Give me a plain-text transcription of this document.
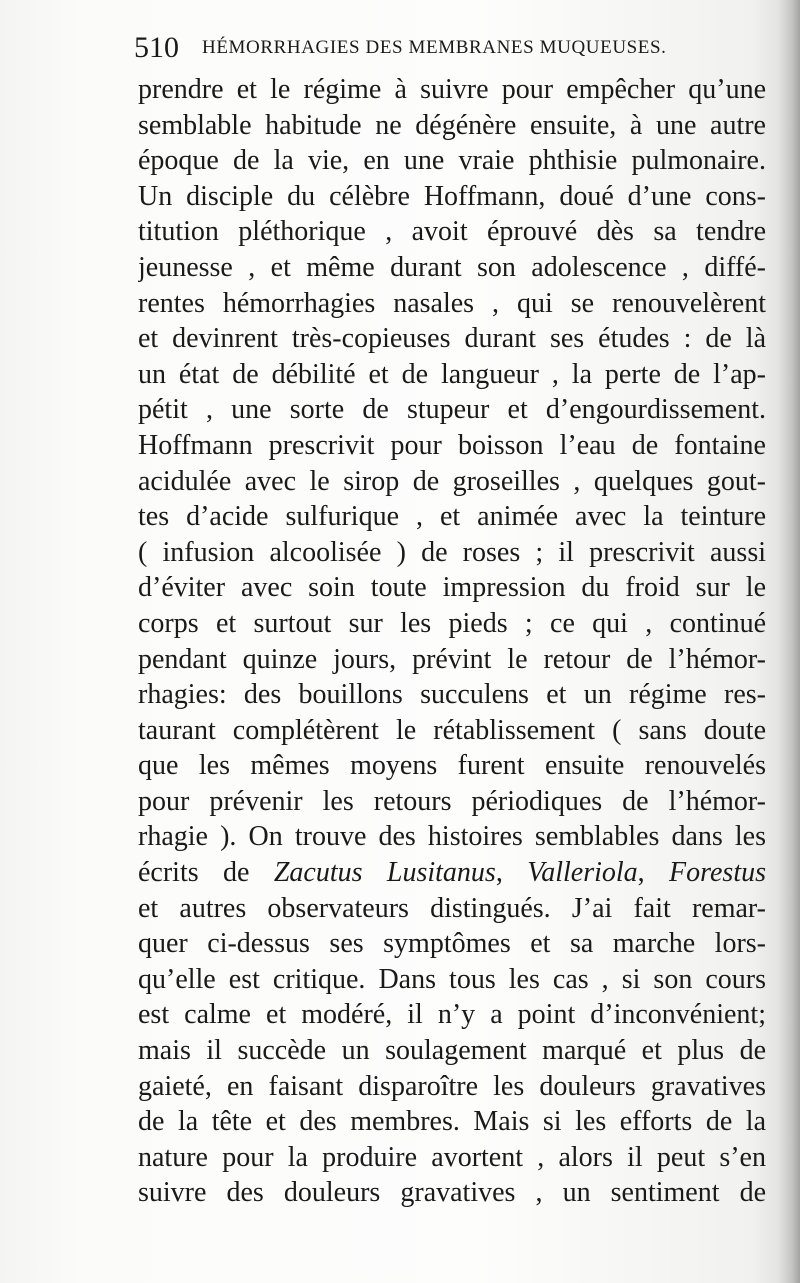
510 HÉMORRHAGIES DES MEMBRANES MUQUEUSES.
prendre et le régime à suivre pour empêcher qu’une
semblable habitude ne dégénère ensuite, à une autre
époque de la vie, en une vraie phthisie pulmonaire.
Un disciple du célèbre Hoffmann, doué d’une cons-
titution pléthorique , avoit éprouvé dès sa tendre
jeunesse , et même durant son adolescence , diffé-
rentes hémorrhagies nasales , qui se renouvelèrent
et devinrent très-copieuses durant ses études : de là
un état de débilité et de langueur , la perte de l’ap-
pétit , une sorte de stupeur et d’engourdissement.
Hoffmann prescrivit pour boisson l’eau de fontaine
acidulée avec le sirop de groseilles , quelques gout-
tes d’acide sulfurique , et animée avec la teinture
( infusion alcoolisée ) de roses ; il prescrivit aussi
d’éviter avec soin toute impression du froid sur le
corps et surtout sur les pieds ; ce qui , continué
pendant quinze jours, prévint le retour de l’hémor-
rhagies: des bouillons succulens et un régime res-
taurant complétèrent le rétablissement ( sans doute
que les mêmes moyens furent ensuite renouvelés
pour prévenir les retours périodiques de l’hémor-
rhagie ). On trouve des histoires semblables dans les
écrits de Zacutus Lusitanus, Valleriola, Forestus
et autres observateurs distingués. J’ai fait remar-
quer ci-dessus ses symptômes et sa marche lors-
qu’elle est critique. Dans tous les cas , si son cours
est calme et modéré, il n’y a point d’inconvénient;
mais il succède un soulagement marqué et plus de
gaieté, en faisant disparoître les douleurs gravatives
de la tête et des membres. Mais si les efforts de la
nature pour la produire avortent , alors il peut s’en
suivre des douleurs gravatives , un sentiment de
